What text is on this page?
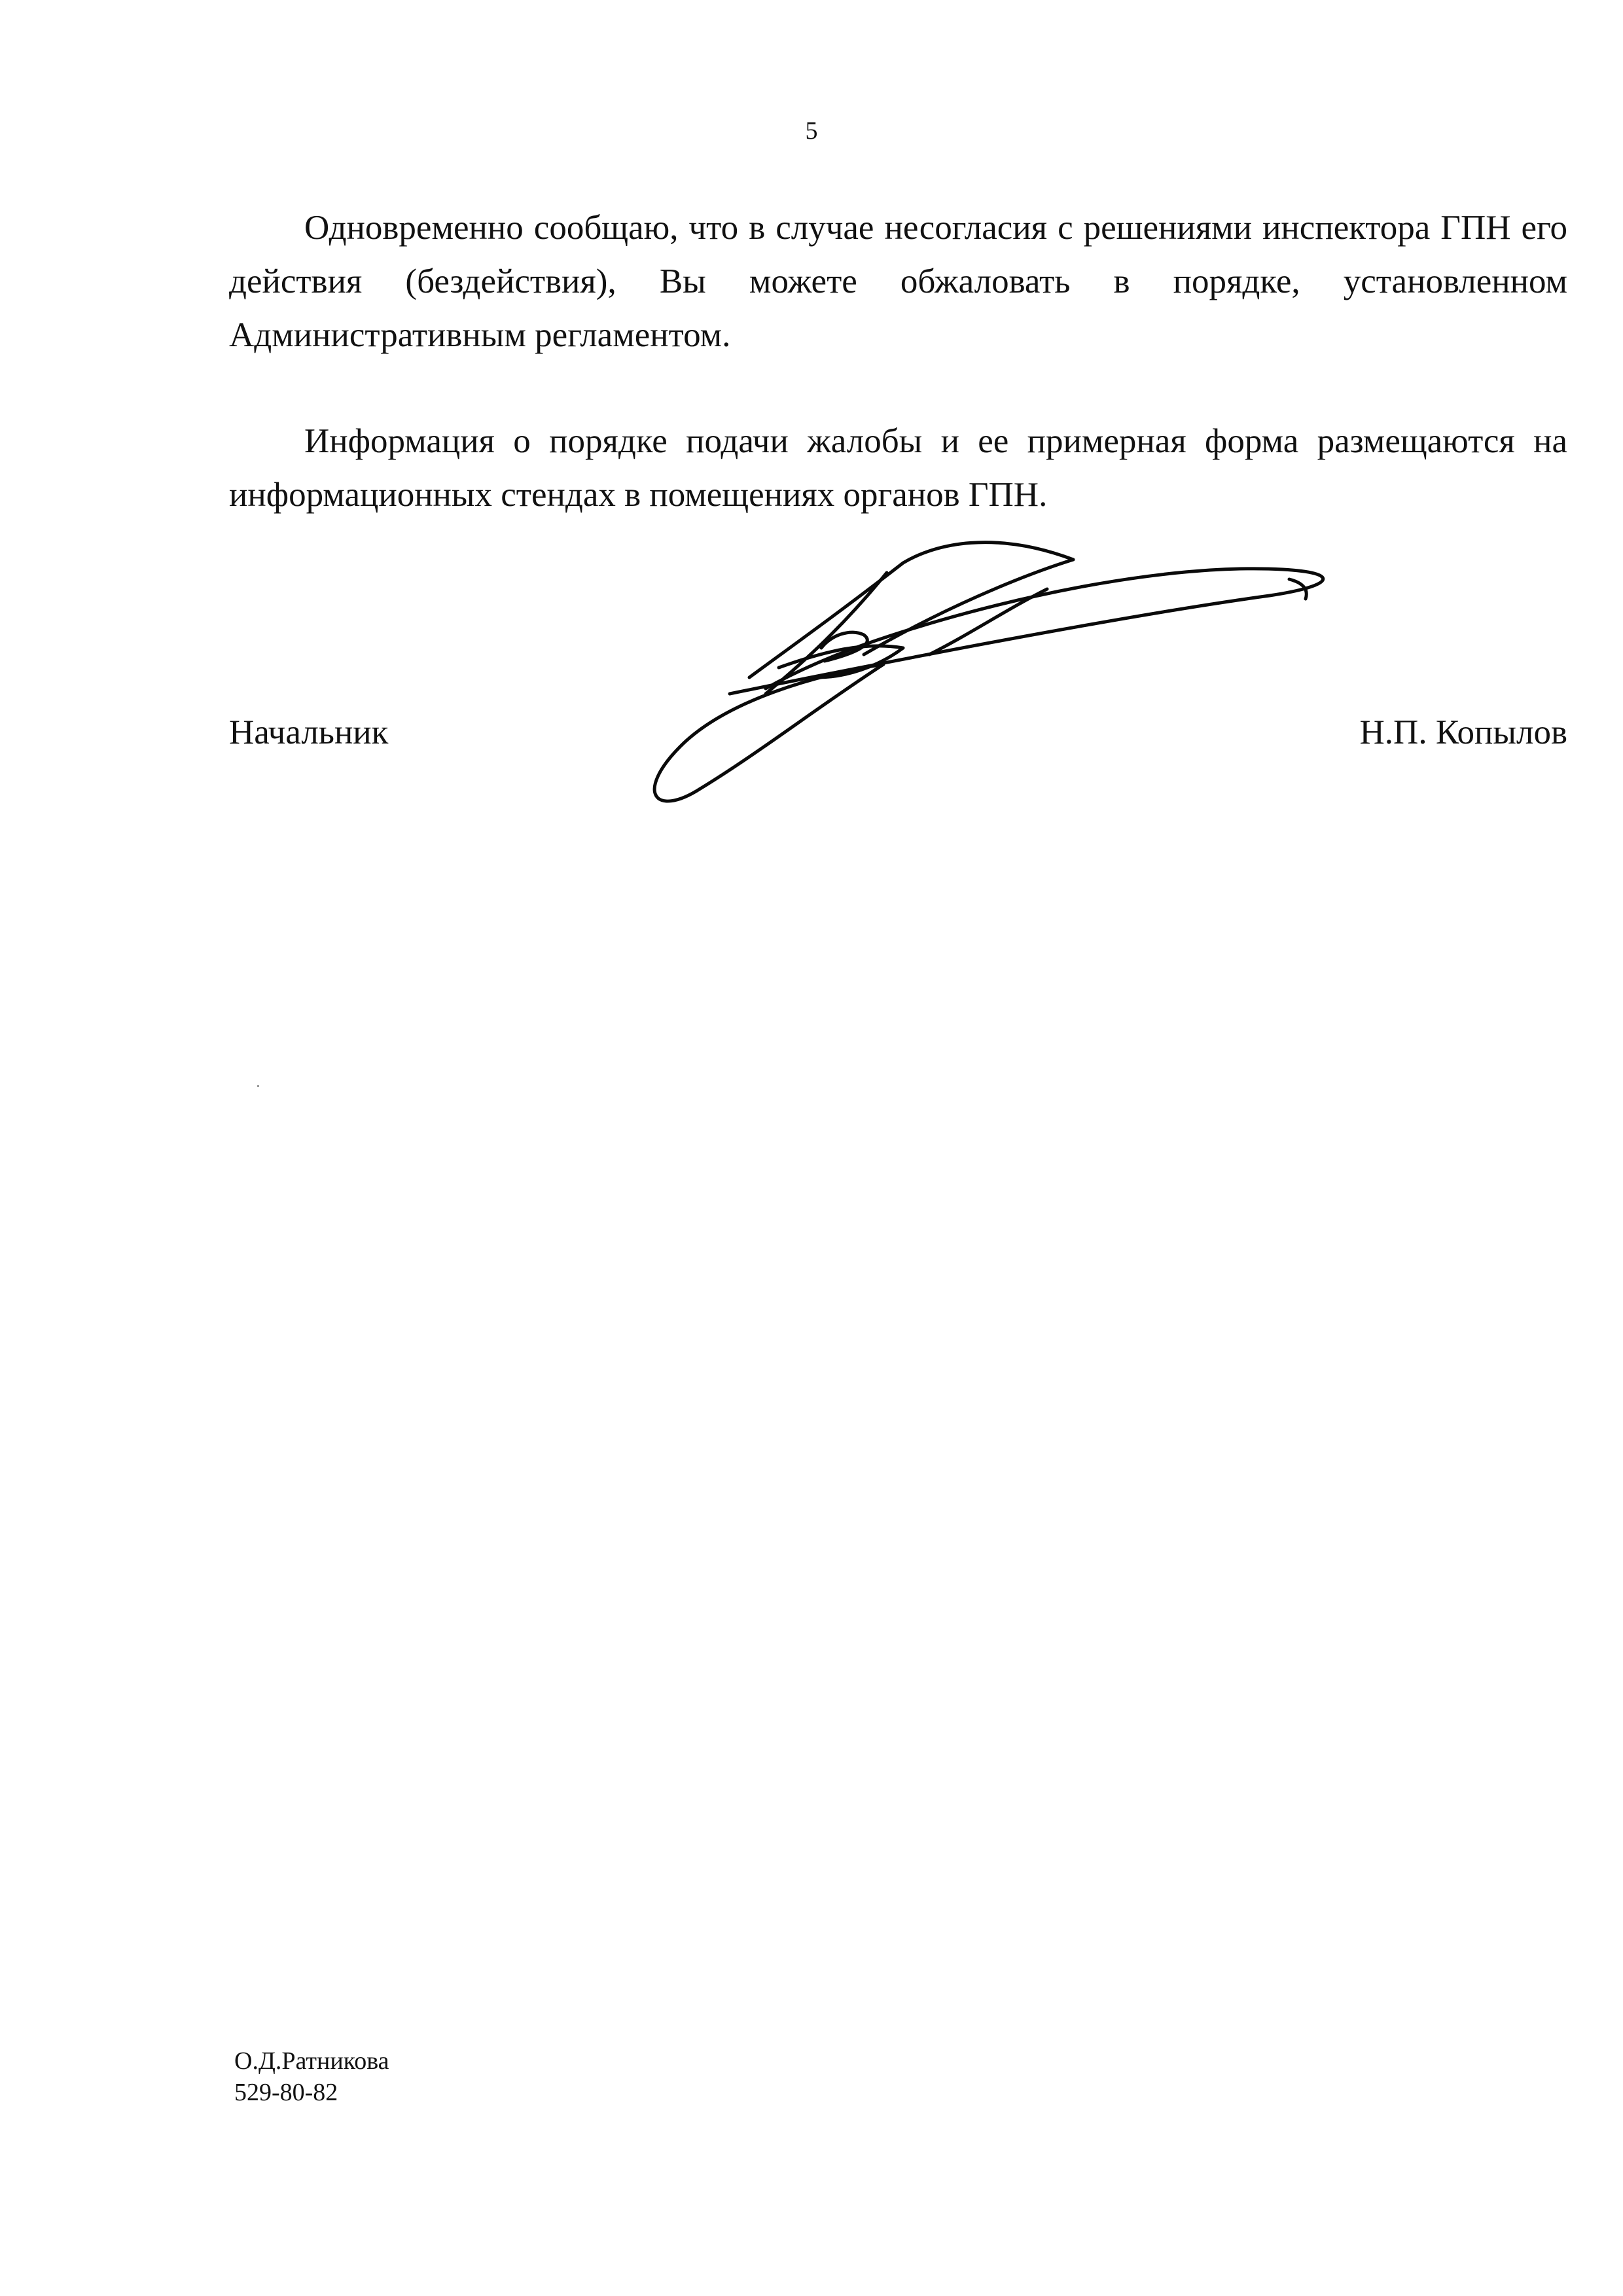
5

Одновременно сообщаю, что в случае несогласия с решениями инспектора ГПН его действия (бездействия), Вы можете обжаловать в порядке, установленном Административным регламентом.

Информация о порядке подачи жалобы и ее примерная форма размещаются на информационных стендах в помещениях органов ГПН.

Начальник	Н.П. Копылов
О.Д.Ратникова
529-80-82
